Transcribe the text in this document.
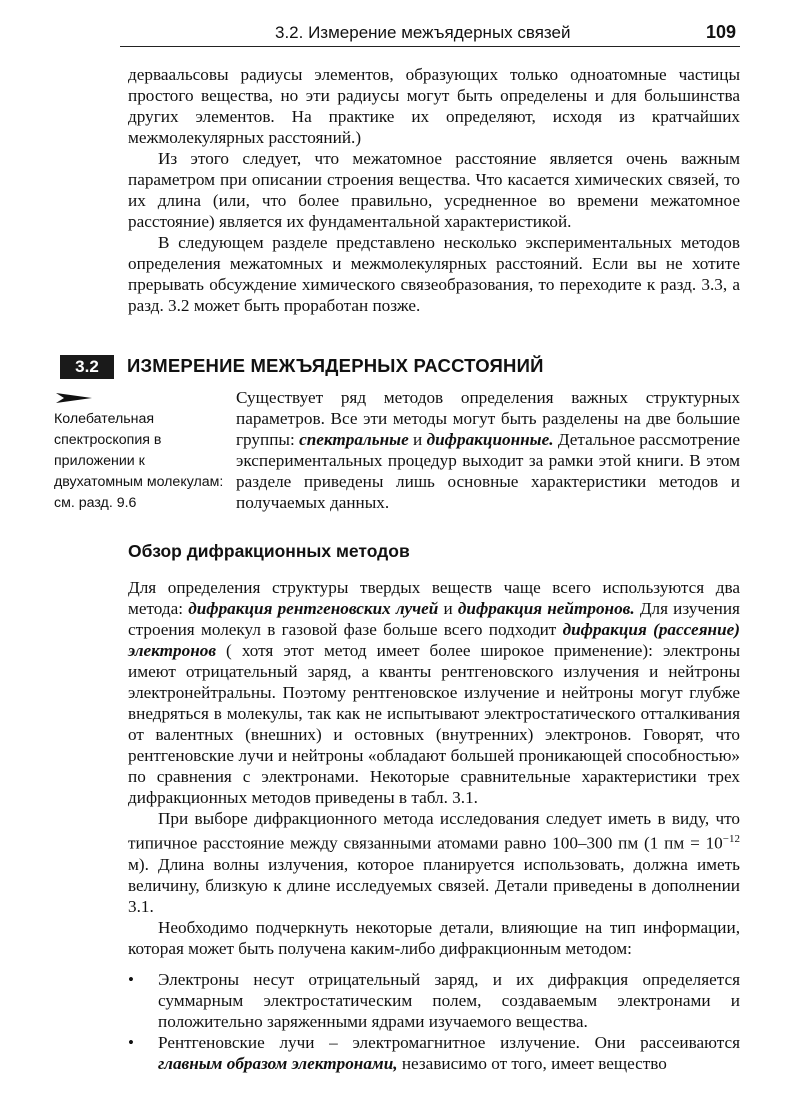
3.2. Измерение межъядерных связей	109

дерваальсовы радиусы элементов, образующих только одноатомные частицы простого вещества, но эти радиусы могут быть определены и для большинства других элементов. На практике их определяют, исходя из кратчайших межмолекулярных расстояний.)

Из этого следует, что межатомное расстояние является очень важным параметром при описании строения вещества. Что касается химических связей, то их длина (или, что более правильно, усредненное во времени межатомное расстояние) является их фундаментальной характеристикой.

В следующем разделе представлено несколько экспериментальных методов определения межатомных и межмолекулярных расстояний. Если вы не хотите прерывать обсуждение химического связеобразования, то переходите к разд. 3.3, а разд. 3.2 может быть проработан позже.

3.2	ИЗМЕРЕНИЕ МЕЖЪЯДЕРНЫХ РАССТОЯНИЙ
Колебательная спектроскопия в приложении к двухатомным молекулам: см. разд. 9.6

Существует ряд методов определения важных структурных параметров. Все эти методы могут быть разделены на две большие группы: спектральные и дифракционные. Детальное рассмотрение экспериментальных процедур выходит за рамки этой книги. В этом разделе приведены лишь основные характеристики методов и получаемых данных.

Обзор дифракционных методов

Для определения структуры твердых веществ чаще всего используются два метода: дифракция рентгеновских лучей и дифракция нейтронов. Для изучения строения молекул в газовой фазе больше всего подходит дифракция (рассеяние) электронов ( хотя этот метод имеет более широкое применение): электроны имеют отрицательный заряд, а кванты рентгеновского излучения и нейтроны электронейтральны. Поэтому рентгеновское излучение и нейтроны могут глубже внедряться в молекулы, так как не испытывают электростатического отталкивания от валентных (внешних) и остовных (внутренних) электронов. Говорят, что рентгеновские лучи и нейтроны «обладают большей проникающей способностью» по сравнения с электронами. Некоторые сравнительные характеристики трех дифракционных методов приведены в табл. 3.1.

При выборе дифракционного метода исследования следует иметь в виду, что типичное расстояние между связанными атомами равно 100–300 пм (1 пм = $10^{-12}$ м). Длина волны излучения, которое планируется использовать, должна иметь величину, близкую к длине исследуемых связей. Детали приведены в дополнении 3.1.

Необходимо подчеркнуть некоторые детали, влияющие на тип информации, которая может быть получена каким-либо дифракционным методом:

• Электроны несут отрицательный заряд, и их дифракция определяется суммарным электростатическим полем, создаваемым электронами и положительно заряженными ядрами изучаемого вещества.
• Рентгеновские лучи – электромагнитное излучение. Они рассеиваются главным образом электронами, независимо от того, имеет вещество
